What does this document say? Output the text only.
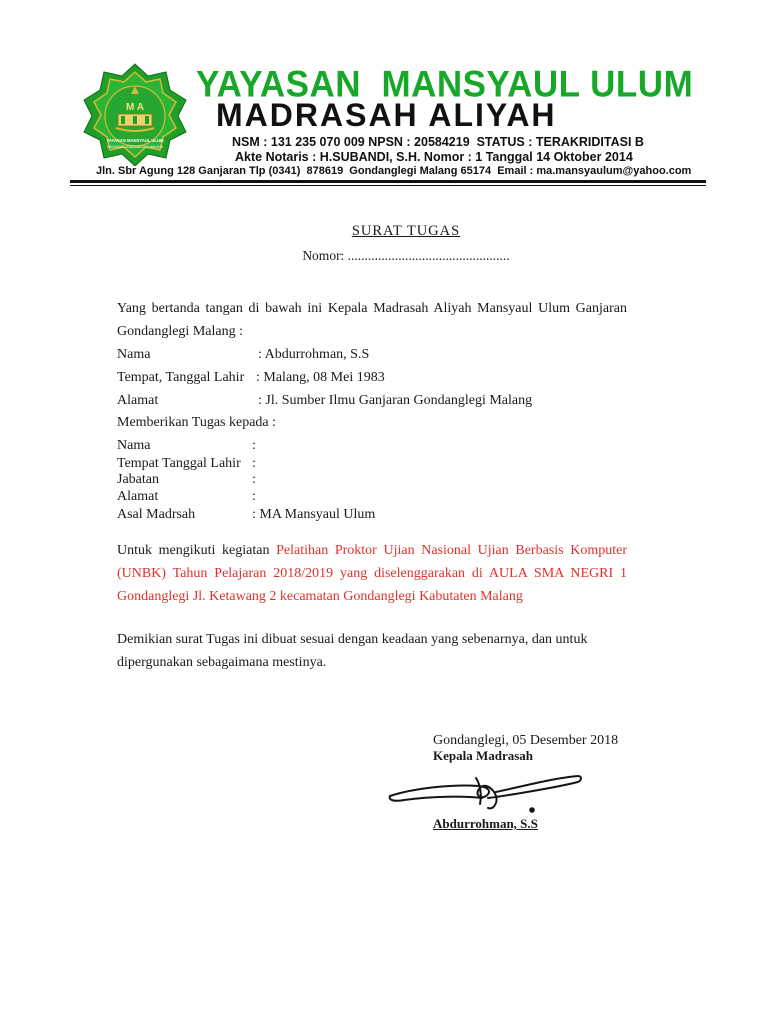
M A
YAYASAN MANSYAUL ULUM
GANJARAN GONDANGLEGI MALANG
YAYASAN  MANSYAUL ULUM
MADRASAH ALIYAH
NSM : 131 235 070 009 NPSN : 20584219  STATUS : TERAKRIDITASI B
Akte Notaris : H.SUBANDI, S.H. Nomor : 1 Tanggal 14 Oktober 2014
Jln. Sbr Agung 128 Ganjaran Tlp (0341)  878619  Gondanglegi Malang 65174  Email : ma.mansyaulum@yahoo.com
SURAT TUGAS
Nomor: ................................................
Yang bertanda tangan di bawah ini Kepala Madrasah Aliyah Mansyaul Ulum Ganjaran Gondanglegi Malang :
Nama	: Abdurrohman, S.S
Tempat, Tanggal Lahir : Malang, 08 Mei 1983
Alamat	: Jl. Sumber Ilmu Ganjaran Gondanglegi Malang
Memberikan Tugas kepada :
Nama	:
Tempat Tanggal Lahir :
Jabatan	:
Alamat	:
Asal Madrsah	: MA Mansyaul Ulum
Untuk mengikuti kegiatan Pelatihan Proktor Ujian Nasional Ujian Berbasis Komputer (UNBK) Tahun Pelajaran 2018/2019 yang diselenggarakan di AULA SMA NEGRI 1 Gondanglegi Jl. Ketawang 2 kecamatan Gondanglegi Kabutaten Malang
Demikian surat Tugas ini dibuat sesuai dengan keadaan yang sebenarnya, dan untuk
dipergunakan sebagaimana mestinya.
Gondanglegi, 05 Desember 2018
Kepala Madrasah
Abdurrohman, S.S
